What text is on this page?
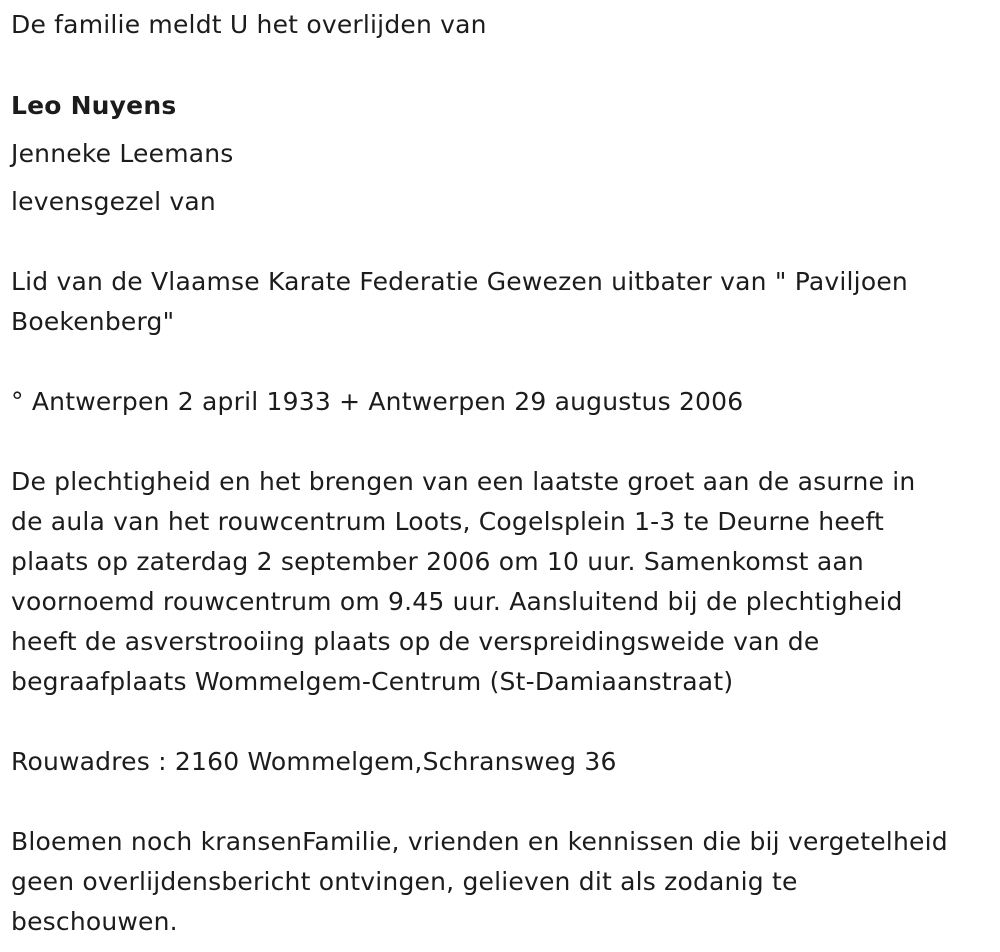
De familie meldt U het overlijden van
Leo Nuyens
Jenneke Leemans
levensgezel van
Lid van de Vlaamse Karate Federatie Gewezen uitbater van " Paviljoen
Boekenberg"
° Antwerpen 2 april 1933 + Antwerpen 29 augustus 2006
De plechtigheid en het brengen van een laatste groet aan de asurne in
de aula van het rouwcentrum Loots, Cogelsplein 1-3 te Deurne heeft
plaats op zaterdag 2 september 2006 om 10 uur. Samenkomst aan
voornoemd rouwcentrum om 9.45 uur. Aansluitend bij de plechtigheid
heeft de asverstrooiing plaats op de verspreidingsweide van de
begraafplaats Wommelgem-Centrum (St-Damiaanstraat)
Rouwadres : 2160 Wommelgem,Schransweg 36
Bloemen noch kransenFamilie, vrienden en kennissen die bij vergetelheid
geen overlijdensbericht ontvingen, gelieven dit als zodanig te
beschouwen.
